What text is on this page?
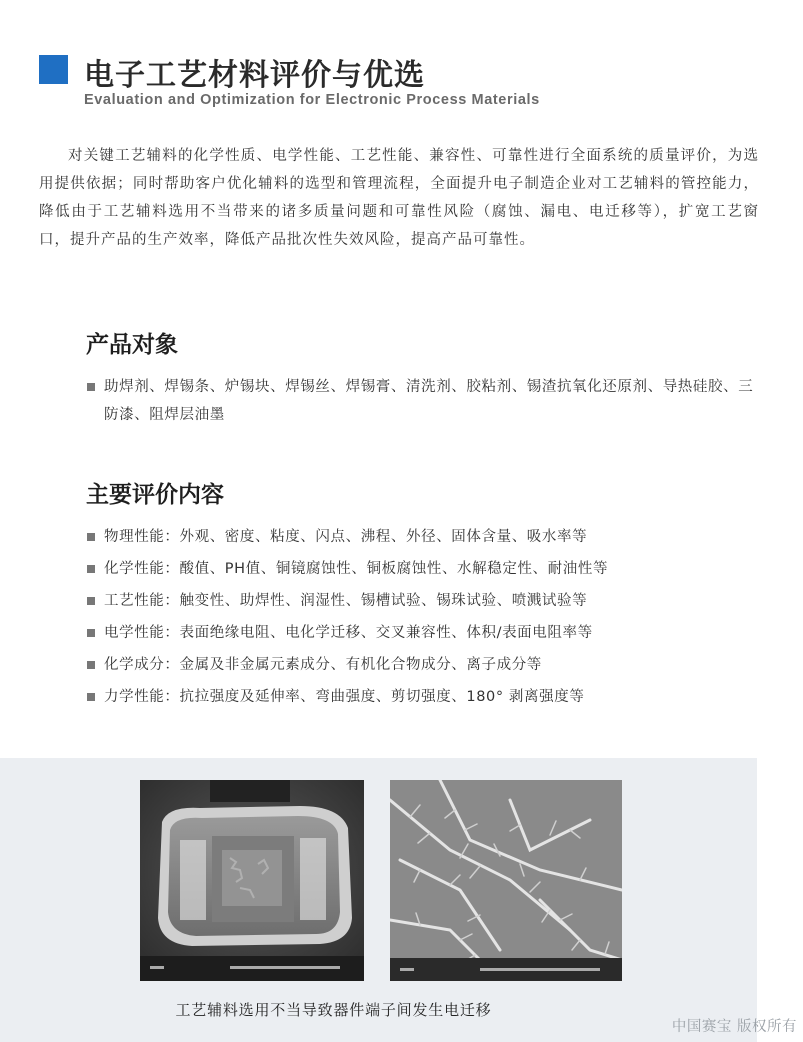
电子工艺材料评价与优选
Evaluation and Optimization for Electronic Process Materials

对关键工艺辅料的化学性质、电学性能、工艺性能、兼容性、可靠性进行全面系统的质量评价，为选用提供依据；同时帮助客户优化辅料的选型和管理流程，全面提升电子制造企业对工艺辅料的管控能力，降低由于工艺辅料选用不当带来的诸多质量问题和可靠性风险（腐蚀、漏电、电迁移等），扩宽工艺窗口，提升产品的生产效率，降低产品批次性失效风险，提高产品可靠性。

产品对象
助焊剂、焊锡条、炉锡块、焊锡丝、焊锡膏、清洗剂、胶粘剂、锡渣抗氧化还原剂、导热硅胶、三防漆、阻焊层油墨
主要评价内容
物理性能：外观、密度、粘度、闪点、沸程、外径、固体含量、吸水率等
化学性能：酸值、PH值、铜镜腐蚀性、铜板腐蚀性、水解稳定性、耐油性等
工艺性能：触变性、助焊性、润湿性、锡槽试验、锡珠试验、喷溅试验等
电学性能：表面绝缘电阻、电化学迁移、交叉兼容性、体积/表面电阻率等
化学成分：金属及非金属元素成分、有机化合物成分、离子成分等
力学性能：抗拉强度及延伸率、弯曲强度、剪切强度、180° 剥离强度等
工艺辅料选用不当导致器件端子间发生电迁移
中国赛宝 版权所有
